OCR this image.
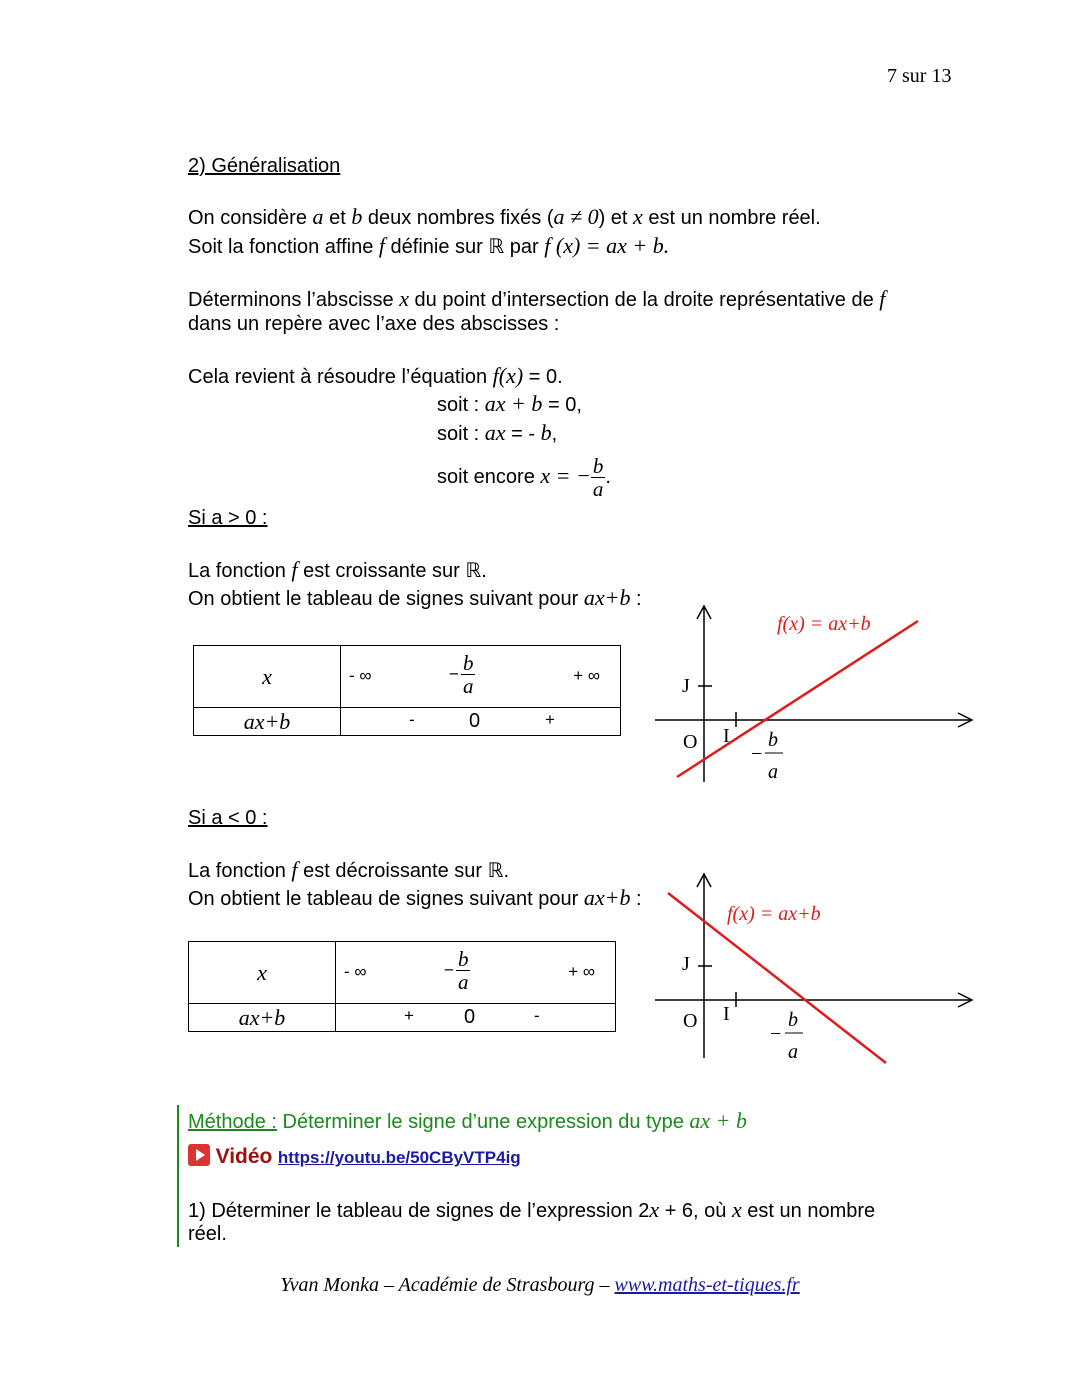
7 sur 13
2) Généralisation
On considère a et b deux nombres fixés (a ≠ 0) et x est un nombre réel.
Soit la fonction affine f définie sur ℝ par f (x) = ax + b.
Déterminons l’abscisse x du point d’intersection de la droite représentative de f
dans un repère avec l’axe des abscisses :
Cela revient à résoudre l’équation f(x) = 0.
soit : ax + b = 0,
soit : ax = - b,
soit encore x = − $\frac{b}{a}$ .
Si a > 0 :
La fonction f est croissante sur ℝ.
On obtient le tableau de signes suivant pour ax+b :
x	- ∞ − $\frac{b}{a}$ + ∞

ax+b	- 0 +
Si a < 0 :
La fonction f est décroissante sur ℝ.
On obtient le tableau de signes suivant pour ax+b :
x	- ∞ − $\frac{b}{a}$ + ∞

ax+b	+ 0 -
J
O I
−
b
a
f(x) = ax+b
J
O I
−
b
a
f(x) = ax+b
Méthode : Déterminer le signe d’une expression du type ax + b
Vidéo https://youtu.be/50CByVTP4ig
1) Déterminer le tableau de signes de l’expression 2x + 6, où x est un nombre
réel.
Yvan Monka – Académie de Strasbourg – www.maths-et-tiques.fr
